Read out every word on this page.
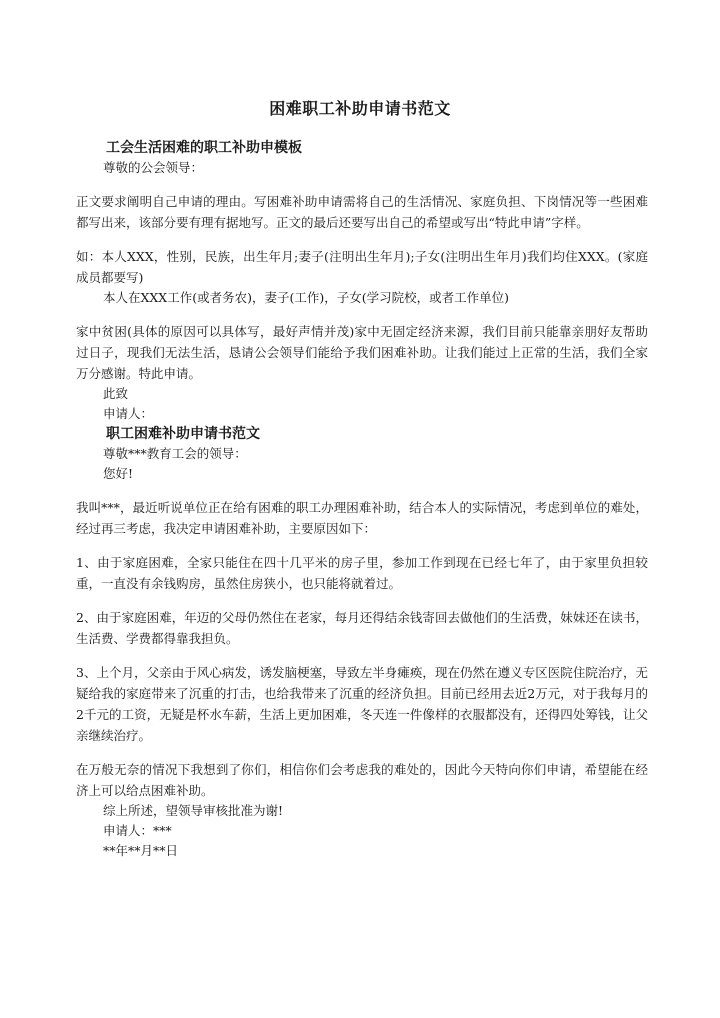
困难职工补助申请书范文
工会生活困难的职工补助申模板
尊敬的公会领导：
正文要求阐明自己申请的理由。写困难补助申请需将自己的生活情况、家庭负担、下岗情况等一些困难都写出来，该部分要有理有据地写。正文的最后还要写出自己的希望或写出“特此申请”字样。
如：本人XXX，性别，民族，出生年月;妻子(注明出生年月);子女(注明出生年月)我们均住XXX。(家庭成员都要写)
本人在XXX工作(或者务农)，妻子(工作)，子女(学习院校，或者工作单位)
家中贫困(具体的原因可以具体写，最好声情并茂)家中无固定经济来源，我们目前只能靠亲朋好友帮助过日子，现我们无法生活，恳请公会领导们能给予我们困难补助。让我们能过上正常的生活，我们全家万分感谢。特此申请。
此致
申请人：
职工困难补助申请书范文
尊敬***教育工会的领导：
您好!
我叫***，最近听说单位正在给有困难的职工办理困难补助，结合本人的实际情况，考虑到单位的难处，经过再三考虑，我决定申请困难补助，主要原因如下：
1、由于家庭困难，全家只能住在四十几平米的房子里，参加工作到现在已经七年了，由于家里负担较重，一直没有余钱购房，虽然住房狭小，也只能将就着过。
2、由于家庭困难，年迈的父母仍然住在老家，每月还得结余钱寄回去做他们的生活费，妹妹还在读书，生活费、学费都得靠我担负。
3、上个月，父亲由于风心病发，诱发脑梗塞，导致左半身瘫痪，现在仍然在遵义专区医院住院治疗，无疑给我的家庭带来了沉重的打击，也给我带来了沉重的经济负担。目前已经用去近2万元，对于我每月的2千元的工资，无疑是杯水车薪，生活上更加困难，冬天连一件像样的衣服都没有，还得四处筹钱，让父亲继续治疗。
在万般无奈的情况下我想到了你们，相信你们会考虑我的难处的，因此今天特向你们申请，希望能在经济上可以给点困难补助。
综上所述，望领导审核批准为谢!
申请人：***
**年**月**日
